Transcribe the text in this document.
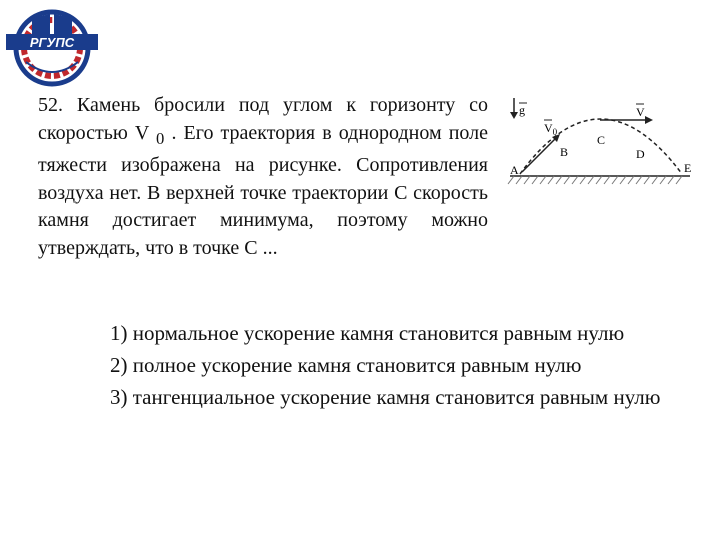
РГУПС
52. Камень бросили под углом к горизонту со скоростью V $_0$ . Его траектория в однородном поле тяжести изображена на рисунке. Сопротивления воздуха нет. В верхней точке траектории C скорость камня достигает минимума, поэтому можно утверждать, что в точке C ...
g
$V_0$
V
A
B
C
D
E

1) нормальное ускорение камня становится равным нулю

2) полное ускорение камня становится равным нулю

3) тангенциальное ускорение камня становится равным нулю
